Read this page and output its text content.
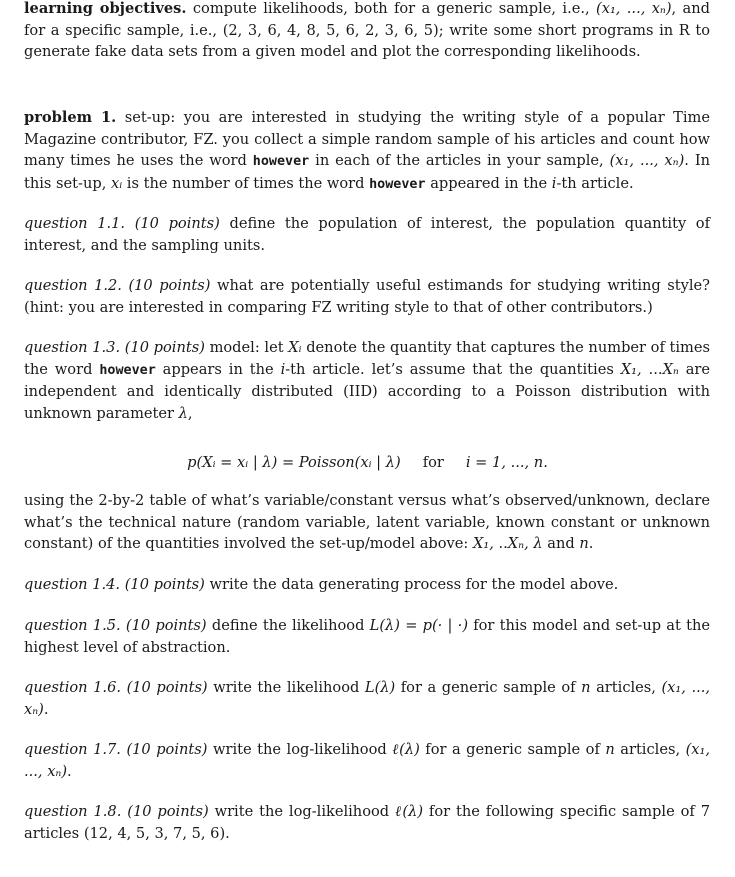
learning objectives. compute likelihoods, both for a generic sample, i.e., (x₁, ..., xₙ), and for a specific sample, i.e., (2, 3, 6, 4, 8, 5, 6, 2, 3, 6, 5); write some short programs in R to generate fake data sets from a given model and plot the corresponding likelihoods.

problem 1. set-up: you are interested in studying the writing style of a popular Time Magazine contributor, FZ. you collect a simple random sample of his articles and count how many times he uses the word however in each of the articles in your sample, (x₁, ..., xₙ). In this set-up, xᵢ is the number of times the word however appeared in the i-th article.

question 1.1. (10 points) define the population of interest, the population quantity of interest, and the sampling units.

question 1.2. (10 points) what are potentially useful estimands for studying writing style? (hint: you are interested in comparing FZ writing style to that of other contributors.)

question 1.3. (10 points) model: let Xᵢ denote the quantity that captures the number of times the word however appears in the i-th article. let’s assume that the quantities X₁, ...Xₙ are independent and identically distributed (IID) according to a Poisson distribution with unknown parameter λ,

p(Xᵢ = xᵢ | λ) = Poisson(xᵢ | λ) for i = 1, ..., n.

using the 2-by-2 table of what’s variable/constant versus what’s observed/unknown, declare what’s the technical nature (random variable, latent variable, known constant or unknown constant) of the quantities involved the set-up/model above: X₁, ..Xₙ, λ and n.

question 1.4. (10 points) write the data generating process for the model above.

question 1.5. (10 points) define the likelihood L(λ) = p(· | ·) for this model and set-up at the highest level of abstraction.

question 1.6. (10 points) write the likelihood L(λ) for a generic sample of n articles, (x₁, ..., xₙ).

question 1.7. (10 points) write the log-likelihood ℓ(λ) for a generic sample of n articles, (x₁, ..., xₙ).

question 1.8. (10 points) write the log-likelihood ℓ(λ) for the following specific sample of 7 articles (12, 4, 5, 3, 7, 5, 6).
